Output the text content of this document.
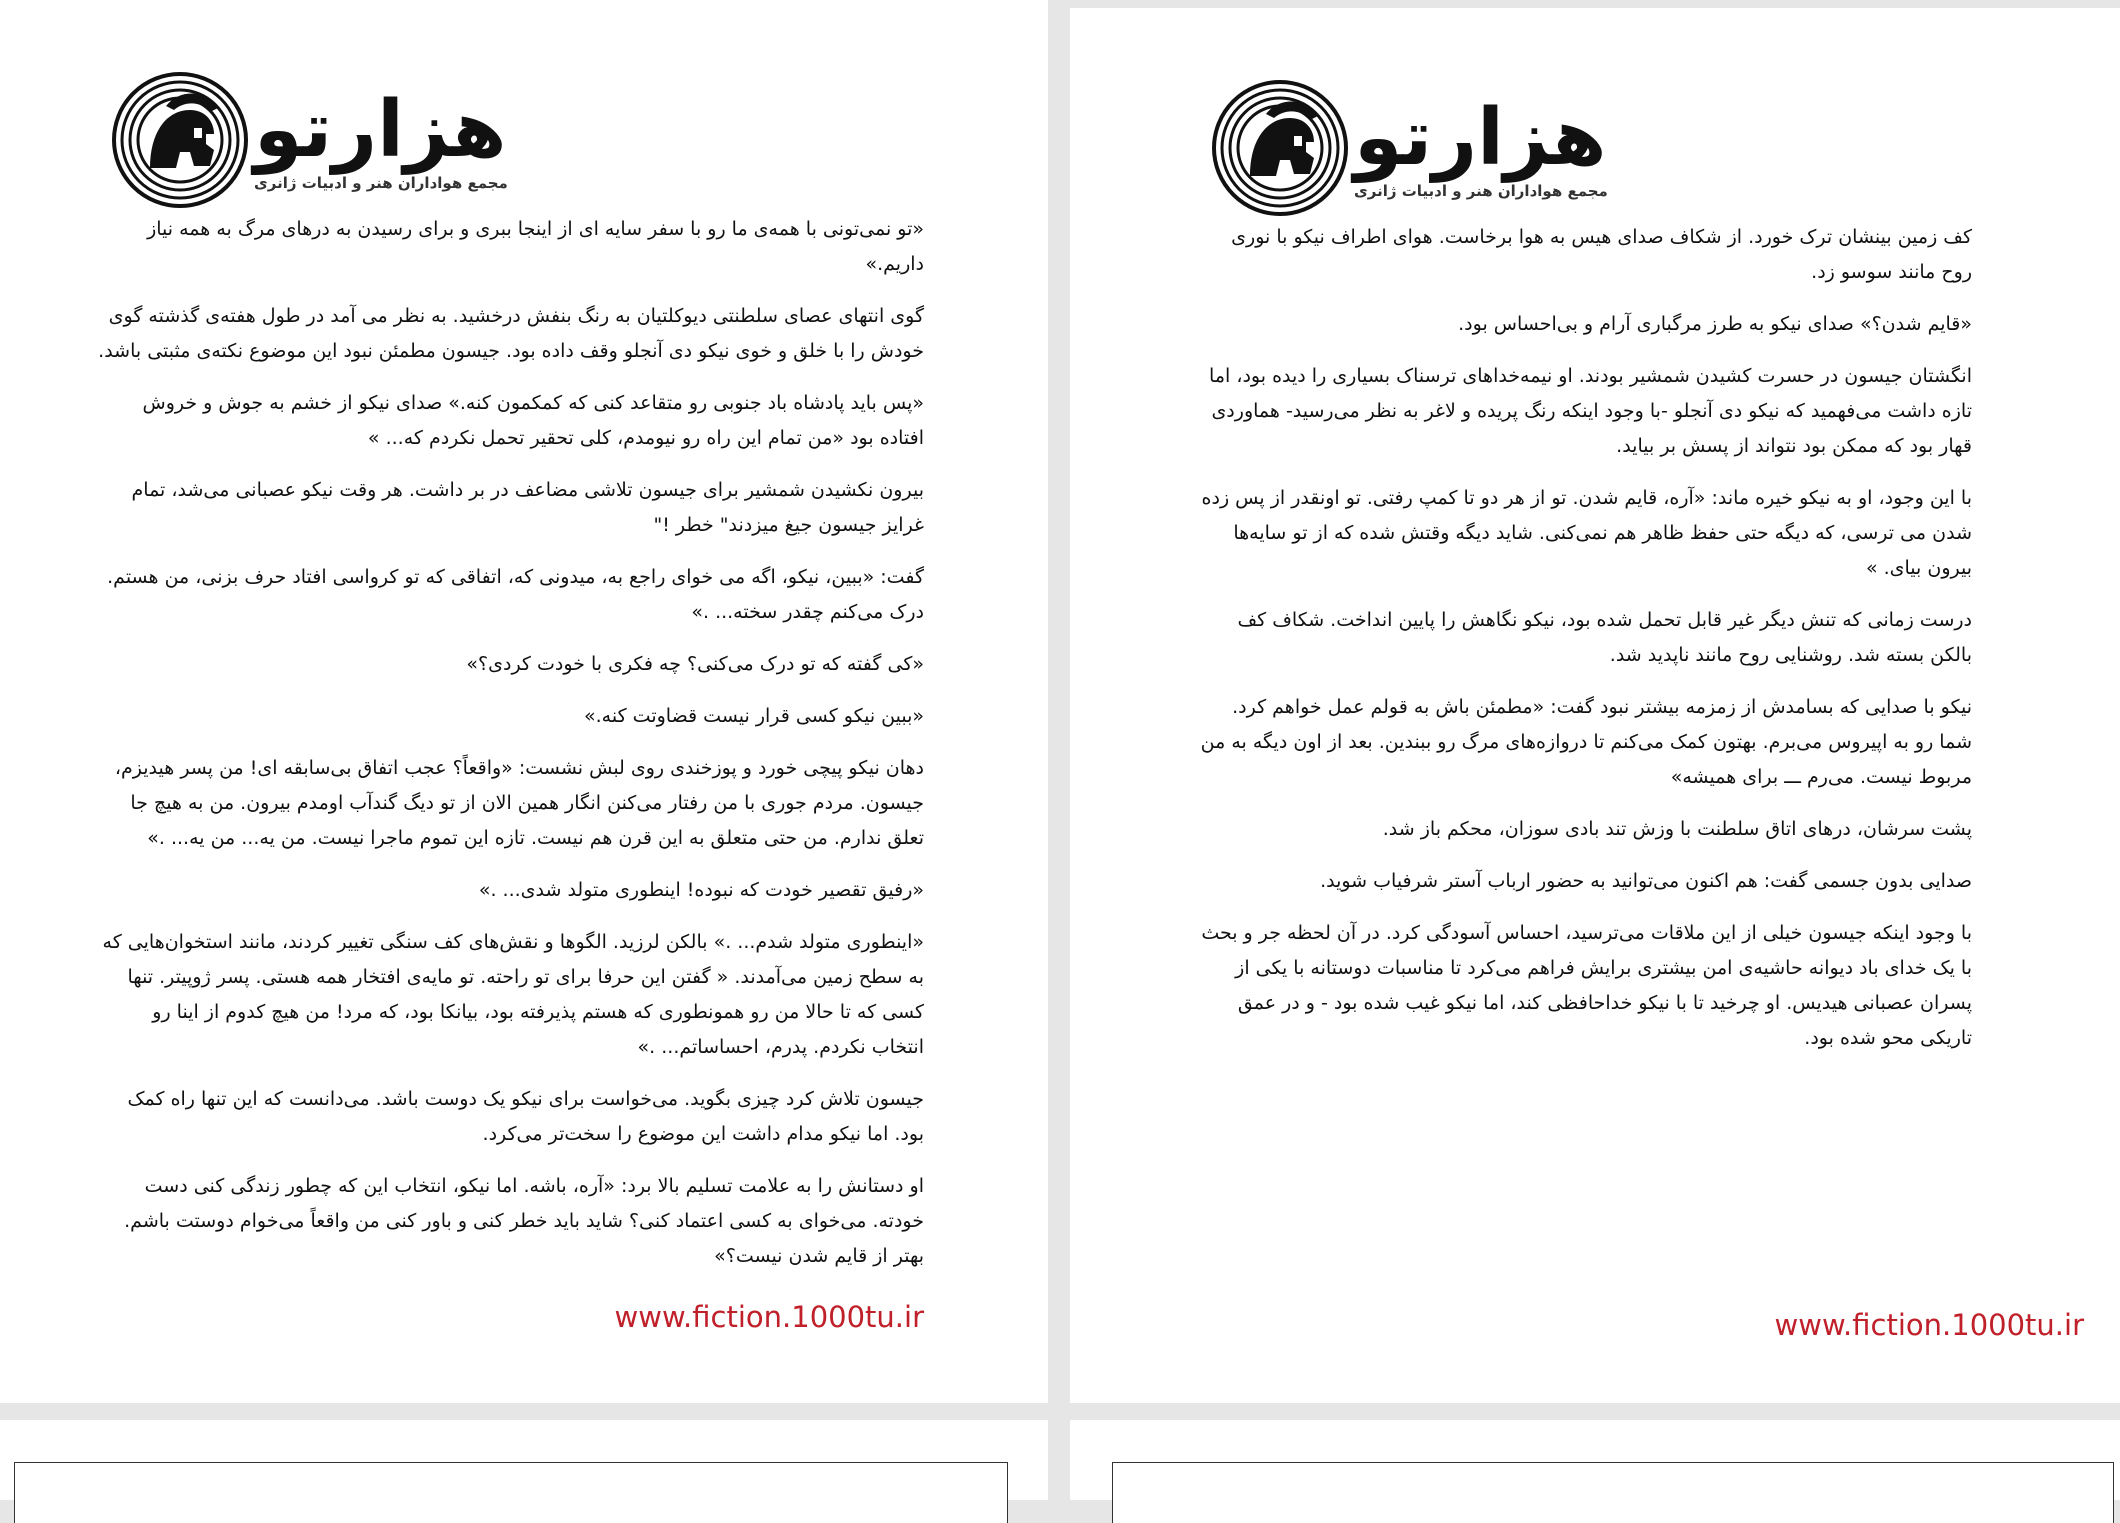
هزارتو
مجمع هواداران هنر و ادبیات ژانری

«تو نمی‌تونی با همه‌ی ما رو با سفر سایه ای از اینجا ببری و برای رسیدن به درهای مرگ به همه نیاز داریم.»

گوی انتهای عصای سلطنتی دیوکلتیان به رنگ بنفش درخشید. به نظر می آمد در طول هفته‌ی گذشته گوی خودش را با خلق و خوی نیکو دی آنجلو وقف داده بود. جیسون مطمئن نبود این موضوع نکته‌ی مثبتی باشد.

«پس باید پادشاه باد جنوبی رو متقاعد کنی که کمکمون کنه.» صدای نیکو از خشم به جوش و خروش افتاده بود «من تمام این راه رو نیومدم، کلی تحقیر تحمل نکردم که... »

بیرون نکشیدن شمشیر برای جیسون تلاشی مضاعف در بر داشت. هر وقت نیکو عصبانی می‌شد، تمام غرایز جیسون جیغ میزدند" خطر !"

گفت: «ببین، نیکو، اگه می خوای راجع به، میدونی که، اتفاقی که تو کرواسی افتاد حرف بزنی، من هستم. درک می‌کنم چقدر سخته... .»

«کی گفته که تو درک می‌کنی؟ چه فکری با خودت کردی؟»

«ببین نیکو کسی قرار نیست قضاوتت کنه.»

دهان نیکو پیچی خورد و پوزخندی روی لبش نشست: «واقعاً؟ عجب اتفاق بی‌سابقه ای! من پسر هیدیزم، جیسون. مردم جوری با من رفتار می‌کنن انگار همین الان از تو دیگ گندآب اومدم بیرون. من به هیچ جا تعلق ندارم. من حتی متعلق به این قرن هم نیست. تازه این تموم ماجرا نیست. من یه... من یه... .»

«رفیق تقصیر خودت که نبوده! اینطوری متولد شدی... .»

«اینطوری متولد شدم... .» بالکن لرزید. الگوها و نقش‌های کف سنگی تغییر کردند، مانند استخوان‌هایی که به سطح زمین می‌آمدند. « گفتن این حرفا برای تو راحته. تو مایه‌ی افتخار همه هستی. پسر ژوپیتر. تنها کسی که تا حالا من رو همونطوری که هستم پذیرفته بود، بیانکا بود، که مرد! من هیچ کدوم از اینا رو انتخاب نکردم. پدرم، احساساتم... .»

جیسون تلاش کرد چیزی بگوید. می‌خواست برای نیکو یک دوست باشد. می‌دانست که این تنها راه کمک بود. اما نیکو مدام داشت این موضوع را سخت‌تر می‌کرد.

او دستانش را به علامت تسلیم بالا برد: «آره، باشه. اما نیکو، انتخاب این که چطور زندگی کنی دست خودته. می‌خوای به کسی اعتماد کنی؟ شاید باید خطر کنی و باور کنی من واقعاً می‌خوام دوستت باشم. بهتر از قایم شدن نیست؟»

www.fiction.1000tu.ir
هزارتو
مجمع هواداران هنر و ادبیات ژانری

کف زمین بینشان ترک خورد. از شکاف صدای هیس به هوا برخاست. هوای اطراف نیکو با نوری روح مانند سوسو زد.

«قایم شدن؟» صدای نیکو به طرز مرگباری آرام و بی‌احساس بود.

انگشتان جیسون در حسرت کشیدن شمشیر بودند. او نیمه‌خداهای ترسناک بسیاری را دیده بود، اما تازه داشت می‌فهمید که نیکو دی آنجلو -با وجود اینکه رنگ پریده و لاغر به نظر می‌رسید- هماوردی قهار بود که ممکن بود نتواند از پسش بر بیاید.

با این وجود، او به نیکو خیره ماند: «آره، قایم شدن. تو از هر دو تا کمپ رفتی. تو اونقدر از پس زده شدن می ترسی، که دیگه حتی حفظ ظاهر هم نمی‌کنی. شاید دیگه وقتش شده که از تو سایه‌ها بیرون بیای. »

درست زمانی که تنش دیگر غیر قابل تحمل شده بود، نیکو نگاهش را پایین انداخت. شکاف کف بالکن بسته شد. روشنایی روح مانند ناپدید شد.

نیکو با صدایی که بسامدش از زمزمه بیشتر نبود گفت: «مطمئن باش به قولم عمل خواهم کرد. شما رو به اپیروس می‌برم. بهتون کمک می‌کنم تا دروازه‌های مرگ رو ببندین. بعد از اون دیگه به من مربوط نیست. می‌رم ـــ برای همیشه»

پشت سرشان، درهای اتاق سلطنت با وزش تند بادی سوزان، محکم باز شد.

صدایی بدون جسمی گفت: هم اکنون می‌توانید به حضور ارباب آستر شرفیاب شوید.

با وجود اینکه جیسون خیلی از این ملاقات می‌ترسید، احساس آسودگی کرد. در آن لحظه جر و بحث با یک خدای باد دیوانه حاشیه‌ی امن بیشتری برایش فراهم می‌کرد تا مناسبات دوستانه با یکی از پسران عصبانی هیدیس. او چرخید تا با نیکو خداحافظی کند، اما نیکو غیب شده بود - و در عمق تاریکی محو شده بود.

www.fiction.1000tu.ir
